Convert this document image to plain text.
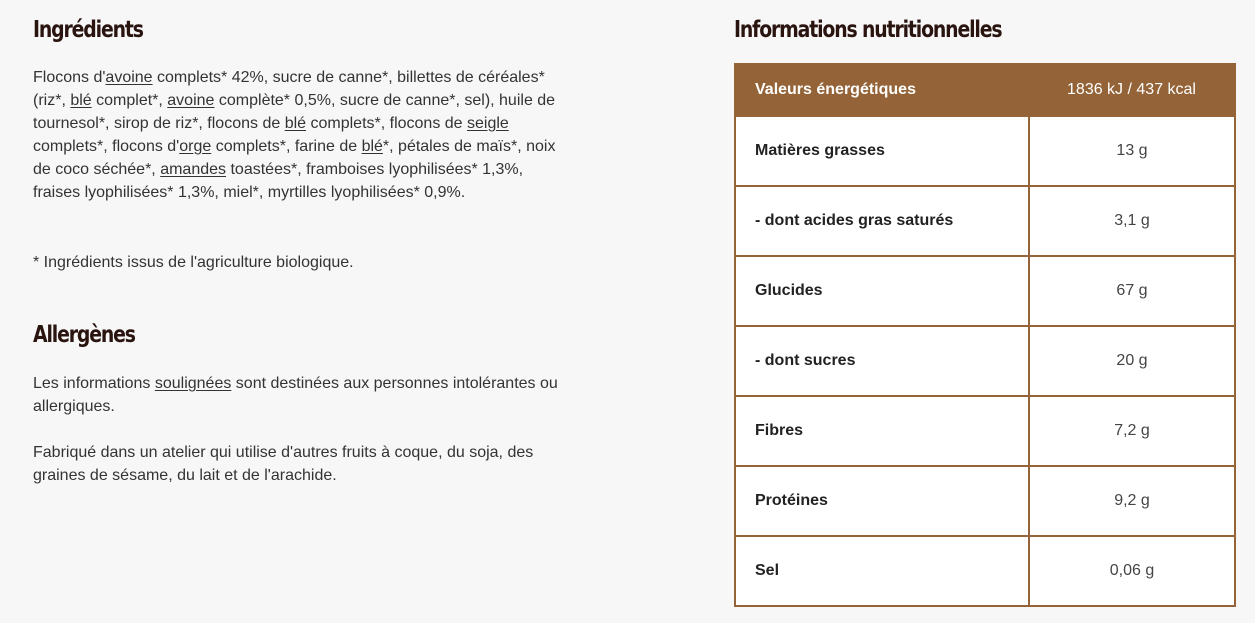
Ingrédients

Flocons d'avoine complets* 42%, sucre de canne*, billettes de céréales* (riz*, blé complet*, avoine complète* 0,5%, sucre de canne*, sel), huile de tournesol*, sirop de riz*, flocons de blé complets*, flocons de seigle complets*, flocons d'orge complets*, farine de blé*, pétales de maïs*, noix de coco séchée*, amandes toastées*, framboises lyophilisées* 1,3%, fraises lyophilisées* 1,3%, miel*, myrtilles lyophilisées* 0,9%.

* Ingrédients issus de l'agriculture biologique.

Allergènes

Les informations soulignées sont destinées aux personnes intolérantes ou allergiques.

Fabriqué dans un atelier qui utilise d'autres fruits à coque, du soja, des graines de sésame, du lait et de l'arachide.

Informations nutritionnelles
Valeurs énergétiques	1836 kJ / 437 kcal
Matières grasses	13 g
- dont acides gras saturés	3,1 g
Glucides	67 g
- dont sucres	20 g
Fibres	7,2 g
Protéines	9,2 g
Sel	0,06 g
